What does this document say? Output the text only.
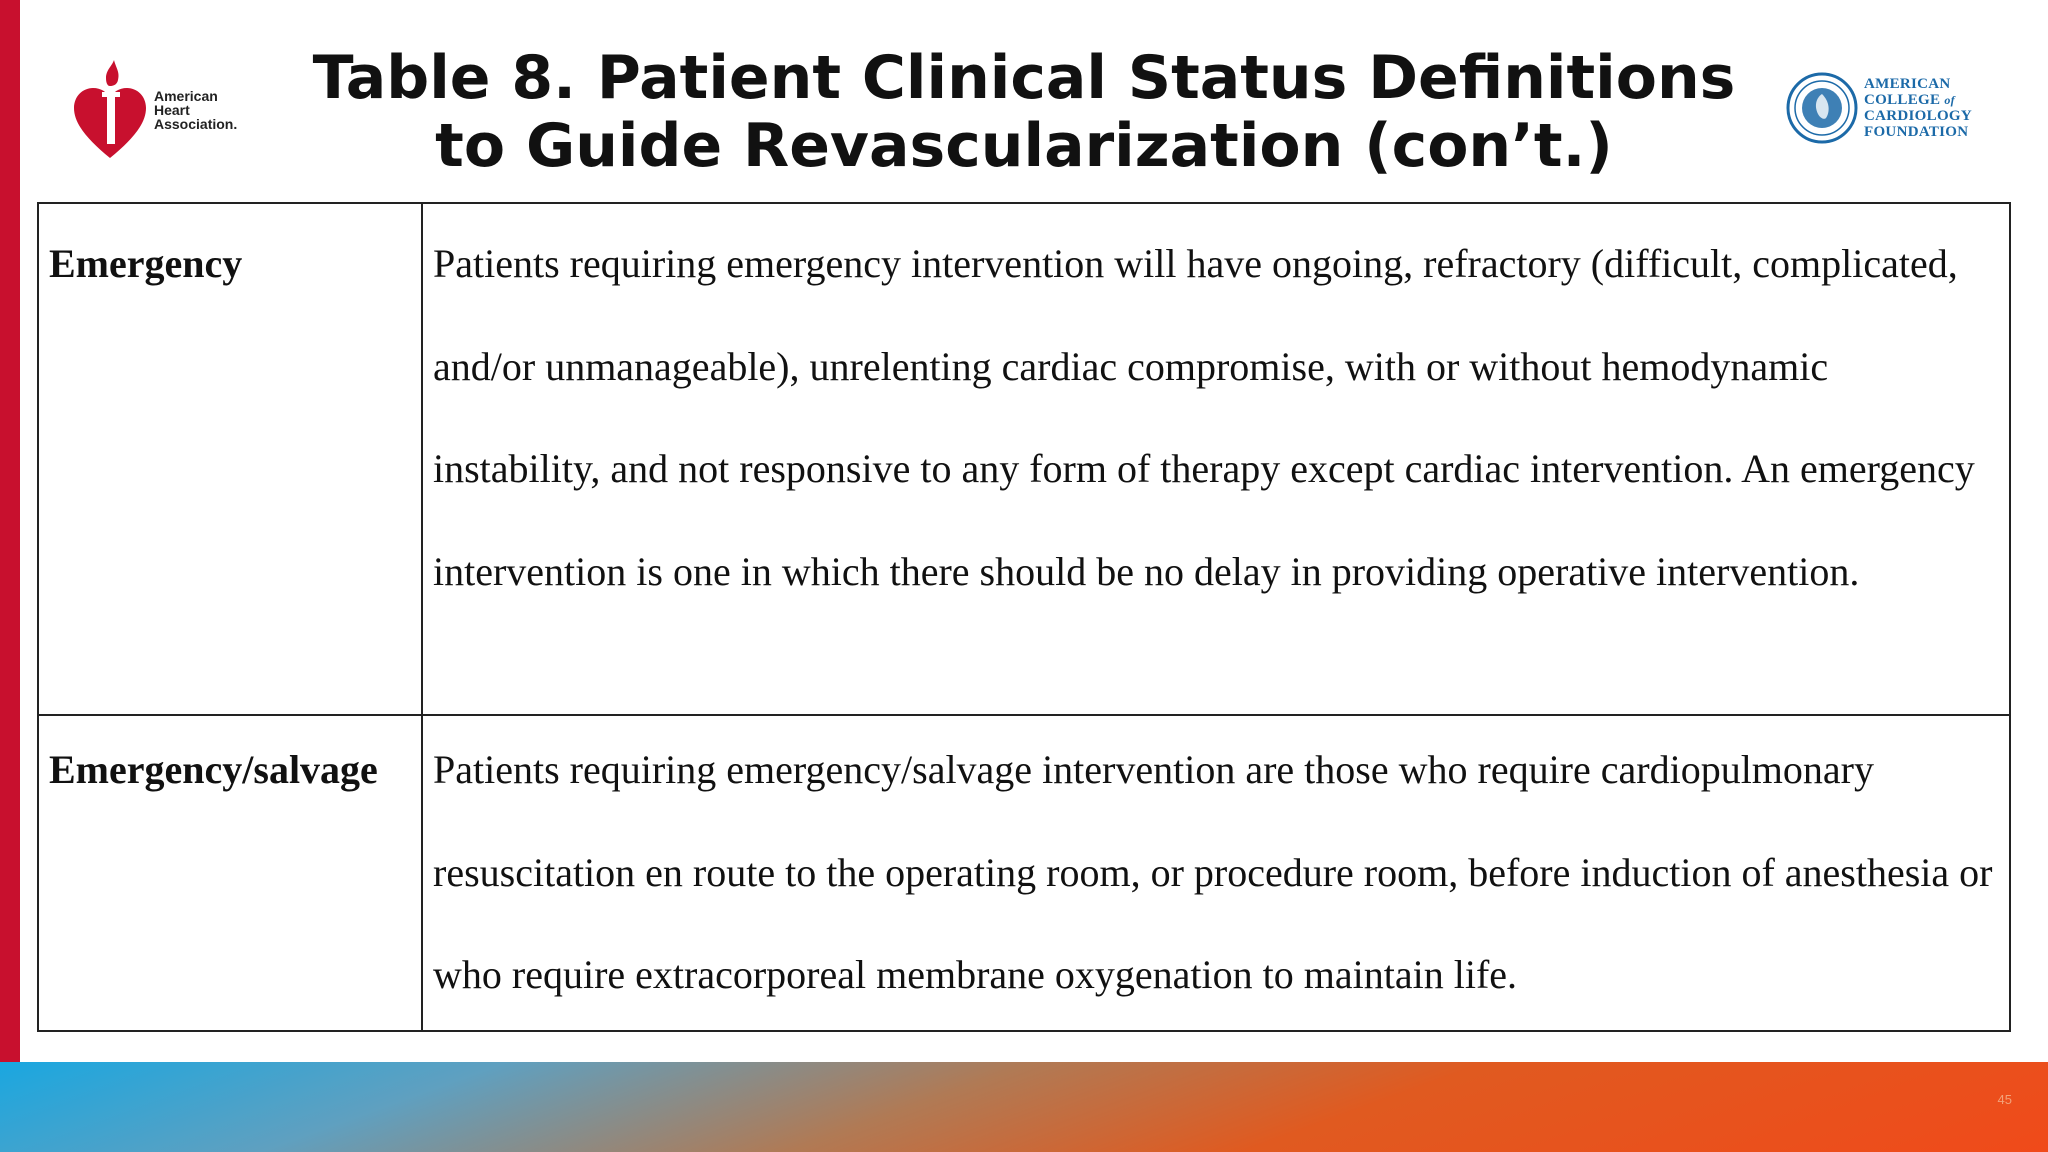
American
Heart
Association.
Table 8. Patient Clinical Status Definitions
to Guide Revascularization (con’t.)
AMERICAN
COLLEGE of
CARDIOLOGY
FOUNDATION
Emergency	Patients requiring emergency intervention will have ongoing, refractory (difficult, complicated, and/or unmanageable), unrelenting cardiac compromise, with or without hemodynamic instability, and not responsive to any form of therapy except cardiac intervention. An emergency intervention is one in which there should be no delay in providing operative intervention.

Emergency/salvage	Patients requiring emergency/salvage intervention are those who require cardiopulmonary resuscitation en route to the operating room, or procedure room, before induction of anesthesia or who require extracorporeal membrane oxygenation to maintain life.

45
